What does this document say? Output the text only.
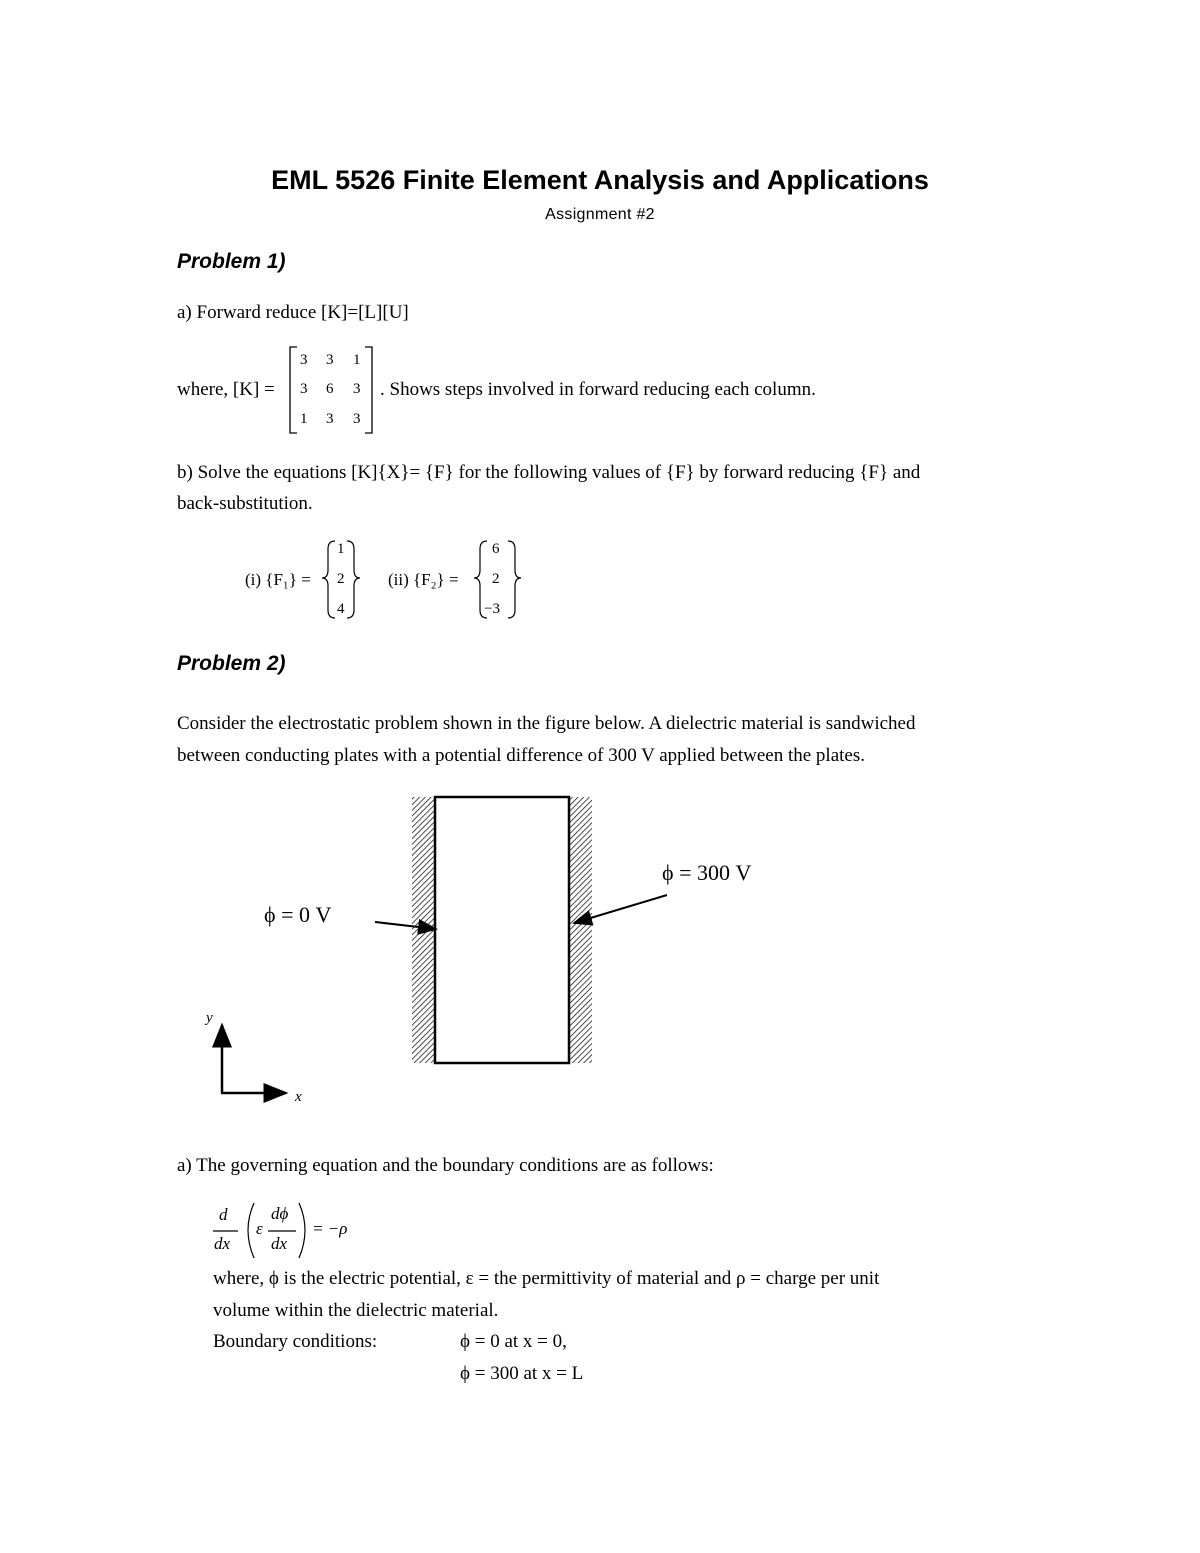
EML 5526 Finite Element Analysis and Applications
Assignment #2
Problem 1)
a) Forward reduce [K]=[L][U]
where, [K] =
3 3 1
3 6 3
1 3 3
. Shows steps involved in forward reducing each column.
b) Solve the equations [K]{X}= {F} for the following values of {F} by forward reducing {F} and
back-substitution.
(i) {F₁} =
1
2
4
(ii) {F₂} =
6
2
−3
Problem 2)
Consider the electrostatic problem shown in the figure below. A dielectric material is sandwiched
between conducting plates with a potential difference of 300 V applied between the plates.
ϕ = 0 V
ϕ = 300 V
y
x
a) The governing equation and the boundary conditions are as follows:
d
dx
ε
dϕ
dx
= −ρ
where, ϕ is the electric potential, ε = the permittivity of material and ρ = charge per unit
volume within the dielectric material.
Boundary conditions:	ϕ = 0 at x = 0,
ϕ = 300 at x = L
